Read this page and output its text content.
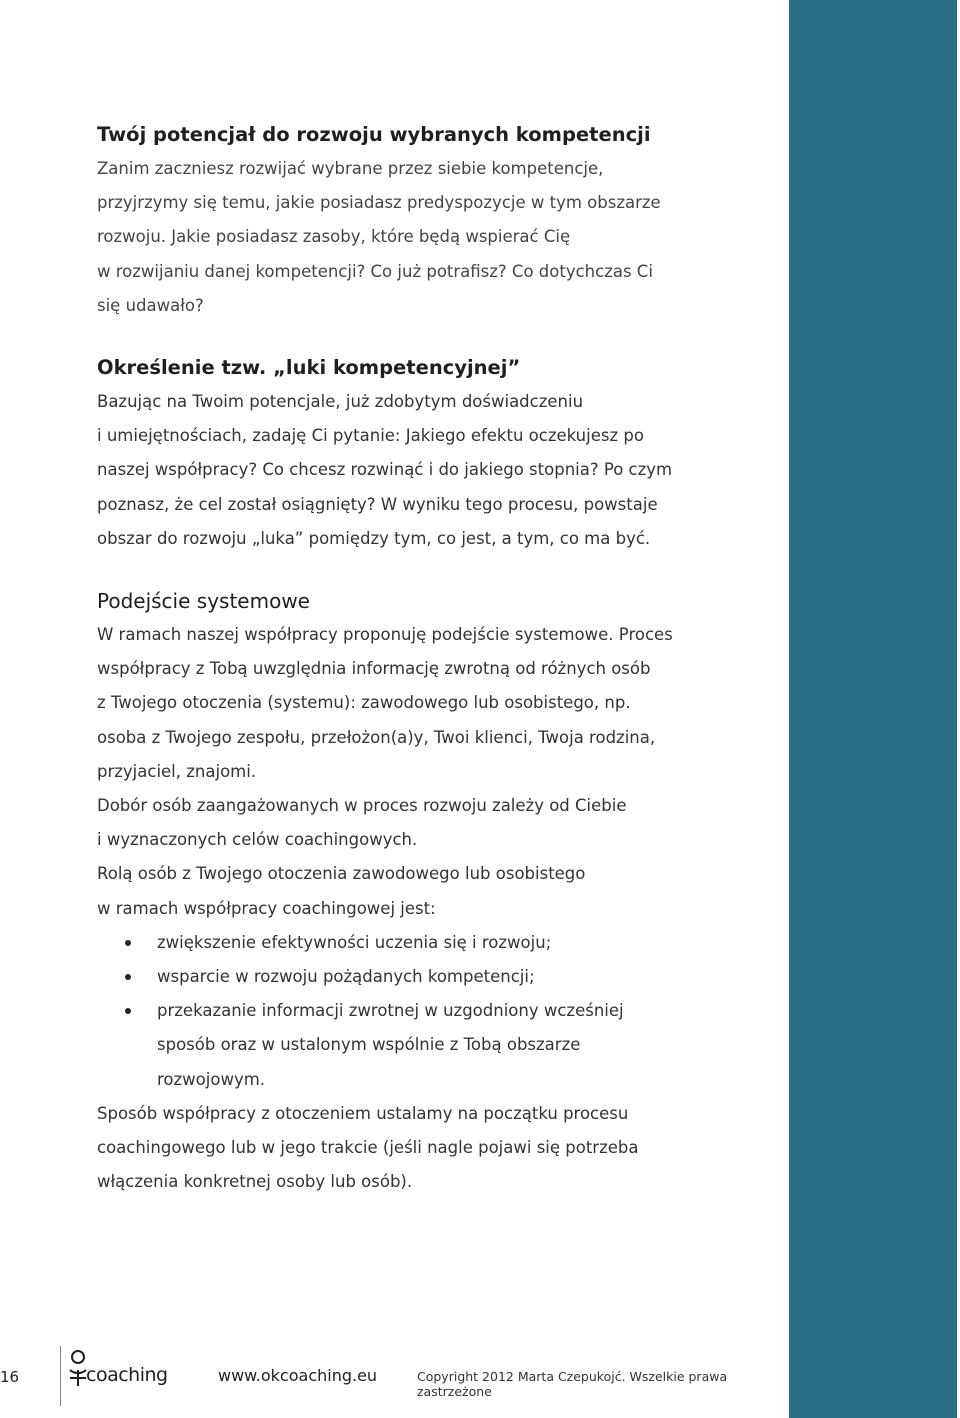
Twój potencjał do rozwoju wybranych kompetencji

Zanim zaczniesz rozwijać wybrane przez siebie kompetencje,

przyjrzymy się temu, jakie posiadasz predyspozycje w tym obszarze

rozwoju. Jakie posiadasz zasoby, które będą wspierać Cię

w rozwijaniu danej kompetencji? Co już potrafisz? Co dotychczas Ci

się udawało?

Określenie tzw. „luki kompetencyjnej”

Bazując na Twoim potencjale, już zdobytym doświadczeniu

i umiejętnościach, zadaję Ci pytanie: Jakiego efektu oczekujesz po

naszej współpracy? Co chcesz rozwinąć i do jakiego stopnia? Po czym

poznasz, że cel został osiągnięty? W wyniku tego procesu, powstaje

obszar do rozwoju „luka” pomiędzy tym, co jest, a tym, co ma być.

Podejście systemowe

W ramach naszej współpracy proponuję podejście systemowe. Proces

współpracy z Tobą uwzględnia informację zwrotną od różnych osób

z Twojego otoczenia (systemu): zawodowego lub osobistego, np.

osoba z Twojego zespołu, przełożon(a)y, Twoi klienci, Twoja rodzina,

przyjaciel, znajomi.

Dobór osób zaangażowanych w proces rozwoju zależy od Ciebie

i wyznaczonych celów coachingowych.

Rolą osób z Twojego otoczenia zawodowego lub osobistego

w ramach współpracy coachingowej jest:

zwiększenie efektywności uczenia się i rozwoju;
wsparcie w rozwoju pożądanych kompetencji;
przekazanie informacji zwrotnej w uzgodniony wcześniej
sposób oraz w ustalonym wspólnie z Tobą obszarze
rozwojowym.

Sposób współpracy z otoczeniem ustalamy na początku procesu

coachingowego lub w jego trakcie (jeśli nagle pojawi się potrzeba

włączenia konkretnej osoby lub osób).

16	coaching	www.okcoaching.eu	Copyright 2012 Marta Czepukojć. Wszelkie prawa zastrzeżone
